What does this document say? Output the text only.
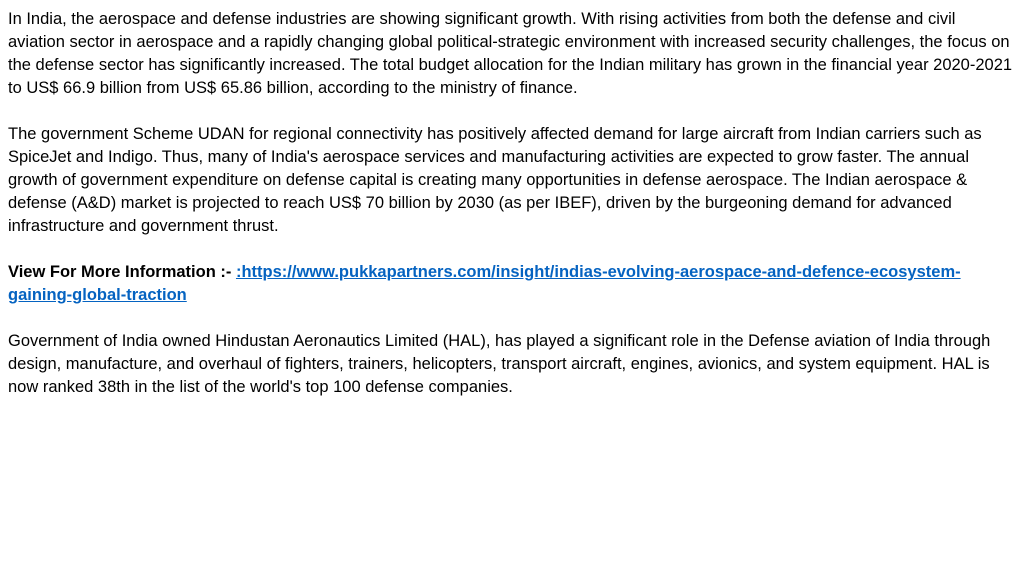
In India, the aerospace and defense industries are showing significant growth. With rising activities from both the defense and civil aviation sector in aerospace and a rapidly changing global political-strategic environment with increased security challenges, the focus on the defense sector has significantly increased. The total budget allocation for the Indian military has grown in the financial year 2020-2021 to US$ 66.9 billion from US$ 65.86 billion, according to the ministry of finance.

The government Scheme UDAN for regional connectivity has positively affected demand for large aircraft from Indian carriers such as SpiceJet and Indigo. Thus, many of India's aerospace services and manufacturing activities are expected to grow faster. The annual growth of government expenditure on defense capital is creating many opportunities in defense aerospace. The Indian aerospace & defense (A&D) market is projected to reach US$ 70 billion by 2030 (as per IBEF), driven by the burgeoning demand for advanced infrastructure and government thrust.

View For More Information :- :https://www.pukkapartners.com/insight/indias-evolving-aerospace-and-defence-ecosystem-gaining-global-traction

Government of India owned Hindustan Aeronautics Limited (HAL), has played a significant role in the Defense aviation of India through design, manufacture, and overhaul of fighters, trainers, helicopters, transport aircraft, engines, avionics, and system equipment. HAL is now ranked 38th in the list of the world's top 100 defense companies.
